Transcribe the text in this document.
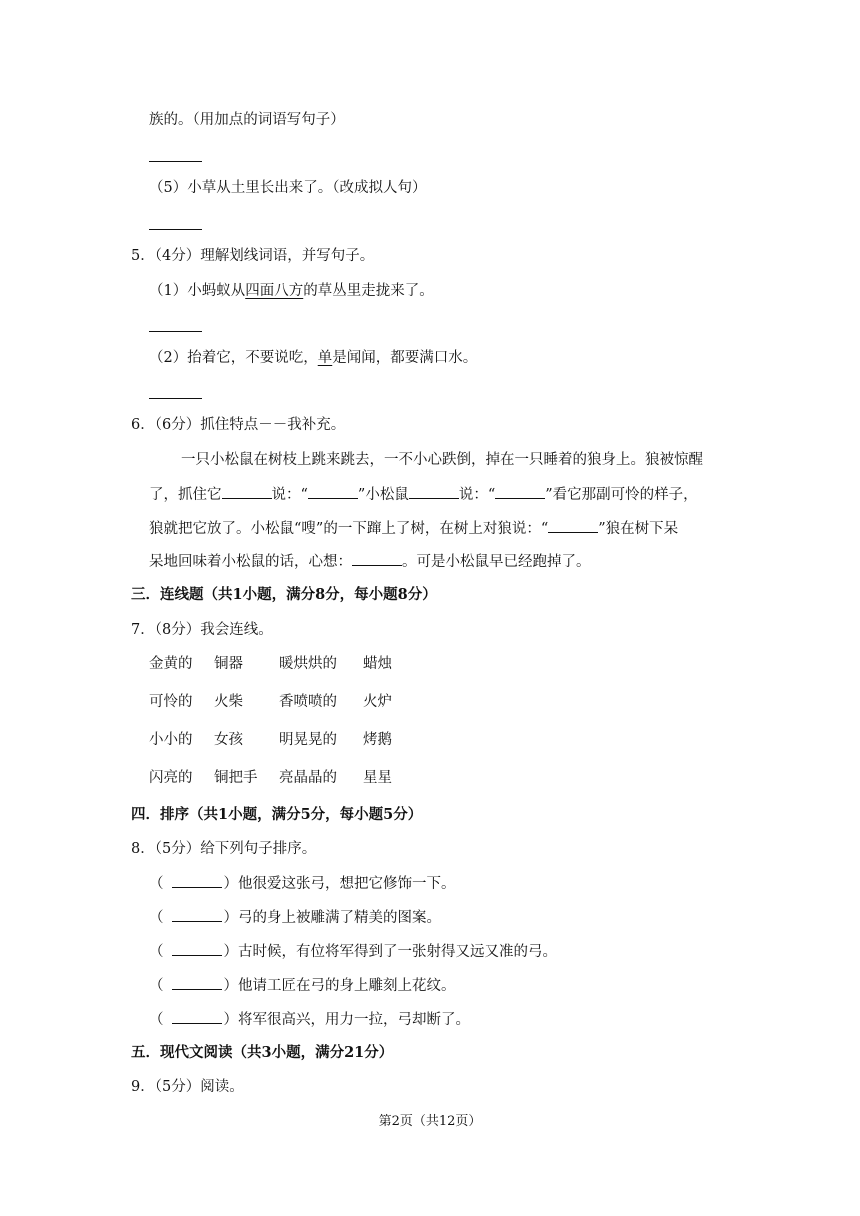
族的。（用加点的词语写句子）
（5）小草从土里长出来了。（改成拟人句）
5．（4分）理解划线词语，并写句子。
（1）小蚂蚁从四面八方的草丛里走拢来了。
（2）抬着它，不要说吃，单是闻闻，都要满口水。
6．（6分）抓住特点－－我补充。
一只小松鼠在树枝上跳来跳去，一不小心跌倒，掉在一只睡着的狼身上。狼被惊醒
了，抓住它	说：“	”小松鼠	说：“	”看它那副可怜的样子，
狼就把它放了。小松鼠“嗖”的一下蹿上了树，在树上对狼说：“	”狼在树下呆
呆地回味着小松鼠的话，心想：	。可是小松鼠早已经跑掉了。
三．连线题（共1小题，满分8分，每小题8分）
7．（8分）我会连线。
金黄的 铜器 暖烘烘的 蜡烛
可怜的 火柴 香喷喷的 火炉
小小的 女孩 明晃晃的 烤鹅
闪亮的 铜把手 亮晶晶的 星星
四．排序（共1小题，满分5分，每小题5分）
8．（5分）给下列句子排序。
（	）他很爱这张弓，想把它修饰一下。
（	）弓的身上被雕满了精美的图案。
（	）古时候，有位将军得到了一张射得又远又准的弓。
（	）他请工匠在弓的身上雕刻上花纹。
（	）将军很高兴，用力一拉，弓却断了。
五．现代文阅读（共3小题，满分21分）
9．（5分）阅读。
第2页（共12页）
